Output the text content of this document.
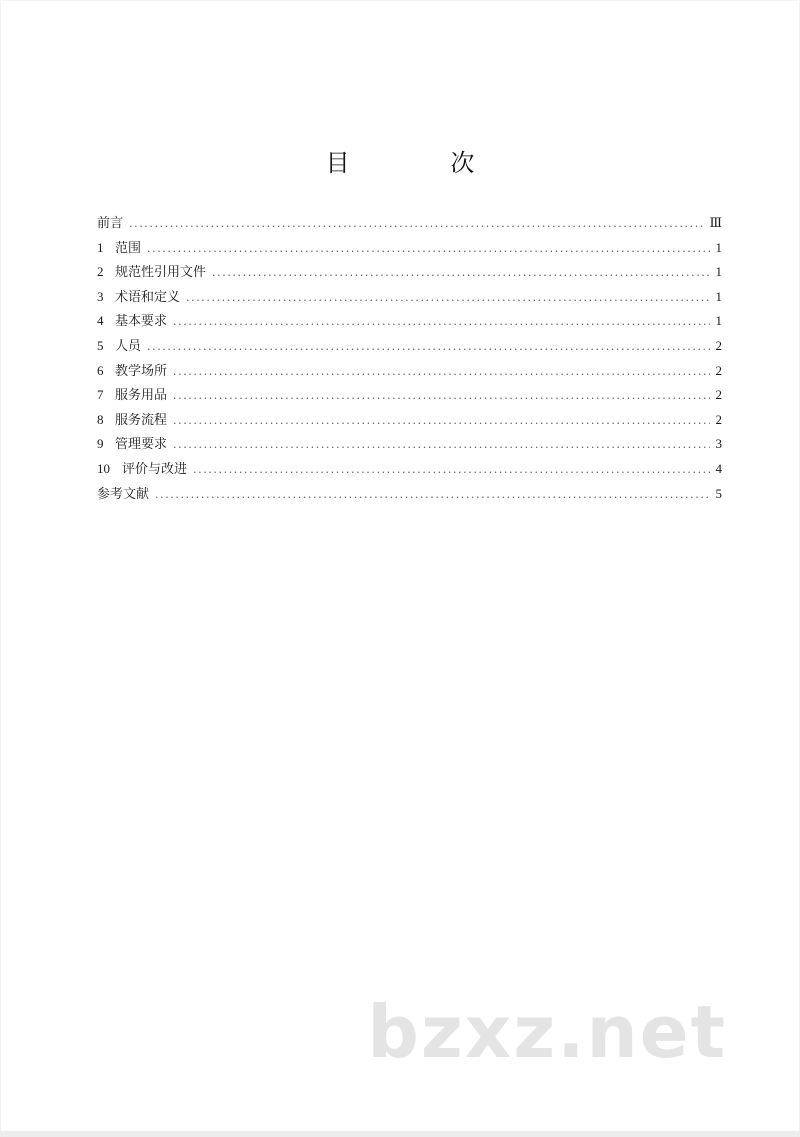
目　次
前言 .....	Ⅲ
1 范围 .....	1
2 规范性引用文件 .....	1
3 术语和定义 .....	1
4 基本要求 .....	1
5 人员 .....	2
6 教学场所 .....	2
7 服务用品 .....	2
8 服务流程 .....	2
9 管理要求 .....	3
10 评价与改进 .....	4
参考文献 .....	5
bzxz.net
